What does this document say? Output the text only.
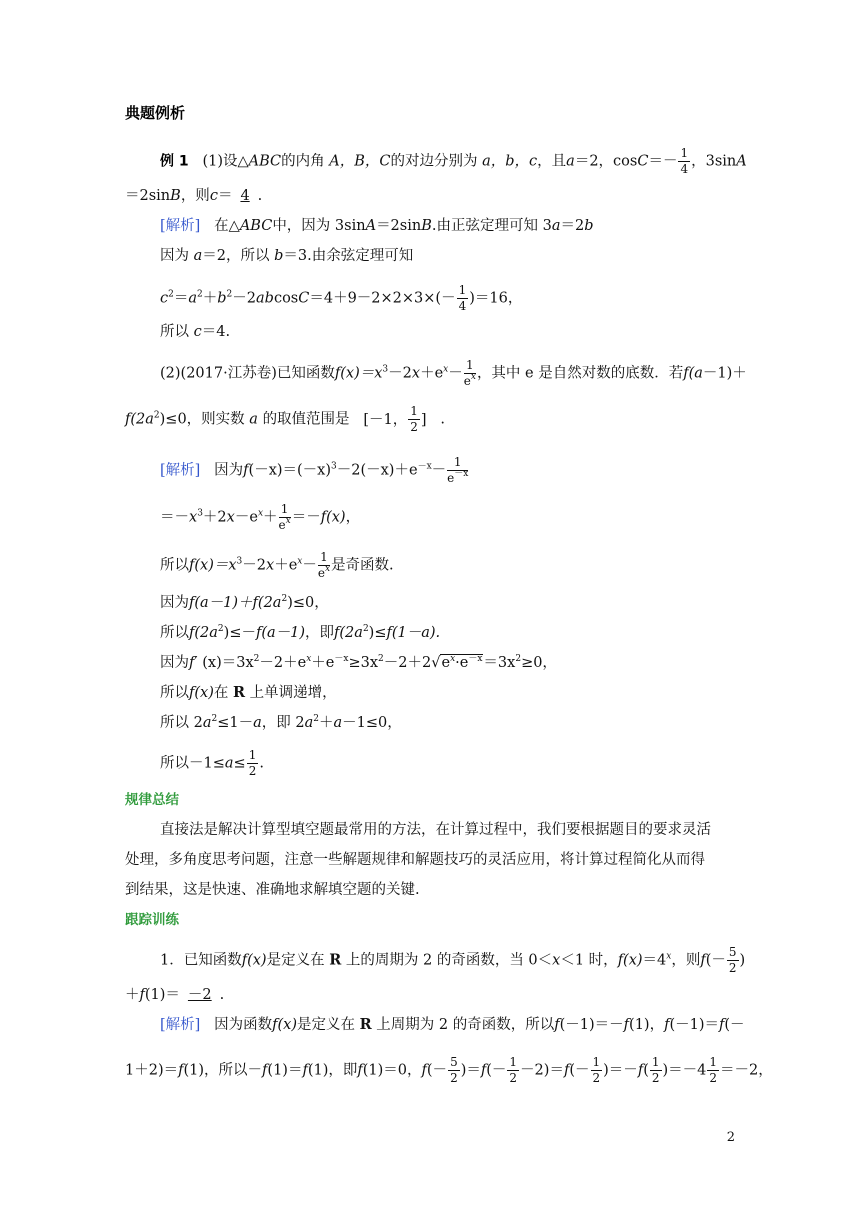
典题例析
例 1 (1)设△ABC的内角 A，B，C的对边分别为 a，b，c，且a＝2，$\cos C=- \frac{1}{4}$ ，3sinA
＝2sinB，则c＝ 4 .
[解析] 在△ABC中，因为 3sinA＝2sinB.由正弦定理可知 3a＝2b
因为 a＝2，所以 b＝3.由余弦定理可知
$c^2=a^2+b^2-2abcosC=4+9-2\times 2\times 3\times(- \frac{1}{4} )=16$，
所以 c＝4.
(2)(2017·江苏卷)已知函数$f(x)=x^3-2x+e^x- \frac{1}{e^x}$ ，其中 e 是自然对数的底数．若f(a－1)＋
$f(2a^2)\le 0$，则实数 a 的取值范围是 [－1， $\frac{1}{2}$ ] .
[解析] 因为$f(-x)=(-x)^3-2(-x)+e^{-x}- \frac{1}{e^{-x}}$
$=-x^3+2x-e^x+ \frac{1}{e^x} =-f(x)$，
所以$f(x)=x^3-2x+e^x- \frac{1}{e^x}$ 是奇函数.
因为$f(a-1)+f(2a^2)\le 0$，
所以$f(2a^2)\le-f(a-1)$，即$f(2a^2)\le f(1-a)$.
因为f′ $(x)=3x^2-2+e^x+e^{-x}\ge 3x^2-2+2√e^x\cdot e^{-x}=3x^2\ge 0$，
所以f(x)在 R 上单调递增，
所以 $2a^2\le 1-a$，即 $2a^2+a-1\le 0$，
所以$-1\le a\le \frac{1}{2}$ .
规律总结
直接法是解决计算型填空题最常用的方法，在计算过程中，我们要根据题目的要求灵活
处理，多角度思考问题，注意一些解题规律和解题技巧的灵活应用，将计算过程简化从而得
到结果，这是快速、准确地求解填空题的关键.
跟踪训练
1．已知函数f(x)是定义在 R 上的周期为 2 的奇函数，当 0＜x＜1 时，$f(x)=4^x$，则$f(- \frac{5}{2}$ )
＋f(1)＝ －2 .
[解析] 因为函数f(x)是定义在 R 上周期为 2 的奇函数，所以f(－1)＝－f(1)，f(－1)＝f(－
1＋2)＝f(1)，所以－f(1)＝f(1)，即f(1)＝0，$f(- \frac{5}{2} )=f(- \frac{1}{2} -2)=f(- \frac{1}{2} )=-f( \frac{1}{2} )=-4 \frac{1}{2} =-2$，
2
